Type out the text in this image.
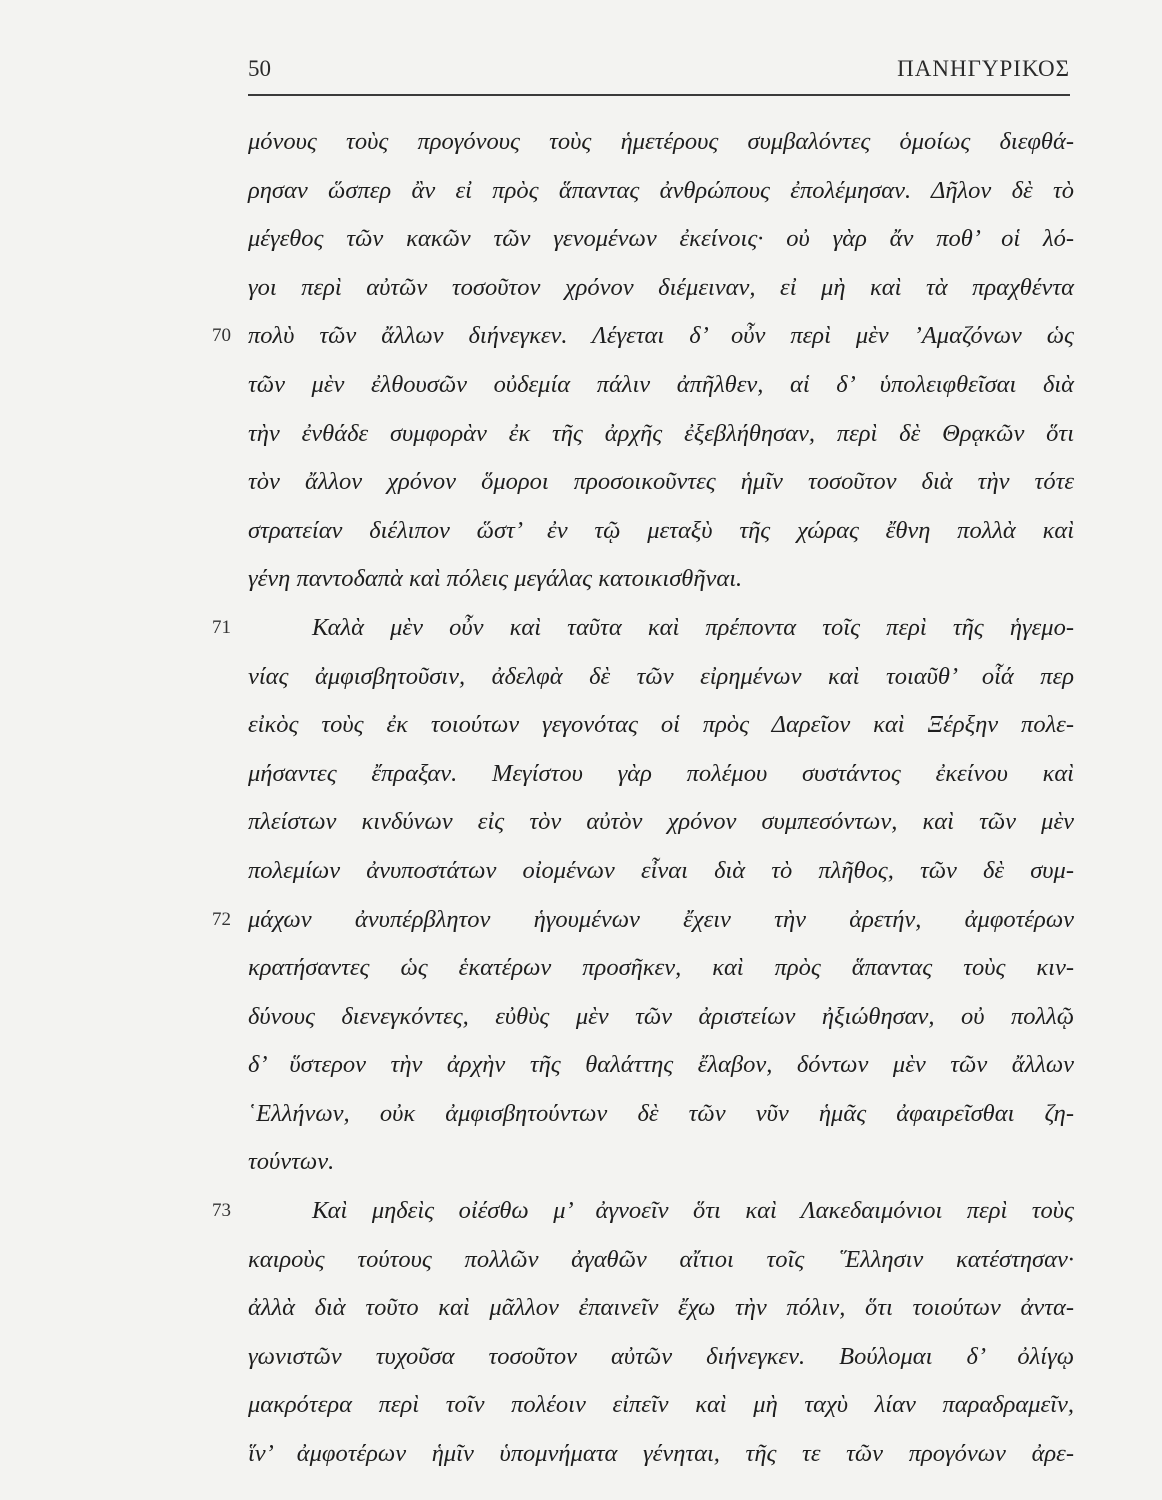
50	ΠΑΝΗΓΥΡΙΚΟΣ
μόνους τοὺς προγόνους τοὺς ἡμετέρους συμβαλόντες ὁμοίως διεφθά-
ρησαν ὥσπερ ἂν εἰ πρὸς ἅπαντας ἀνθρώπους ἐπολέμησαν. Δῆλον δὲ τὸ
μέγεθος τῶν κακῶν τῶν γενομένων ἐκείνοις· οὐ γὰρ ἄν ποθ’ οἱ λό-
γοι περὶ αὐτῶν τοσοῦτον χρόνον διέμειναν, εἰ μὴ καὶ τὰ πραχθέντα
70 πολὺ τῶν ἄλλων διήνεγκεν. Λέγεται δ’ οὖν περὶ μὲν ’Αμαζόνων ὡς
τῶν μὲν ἐλθουσῶν οὐδεμία πάλιν ἀπῆλθεν, αἱ δ’ ὑπολειφθεῖσαι διὰ
τὴν ἐνθάδε συμφορὰν ἐκ τῆς ἀρχῆς ἐξεβλήθησαν, περὶ δὲ Θρᾳκῶν ὅτι
τὸν ἄλλον χρόνον ὅμοροι προσοικοῦντες ἡμῖν τοσοῦτον διὰ τὴν τότε
στρατείαν διέλιπον ὥστ’ ἐν τῷ μεταξὺ τῆς χώρας ἔθνη πολλὰ καὶ
γένη παντοδαπὰ καὶ πόλεις μεγάλας κατοικισθῆναι.
71	Καλὰ μὲν οὖν καὶ ταῦτα καὶ πρέποντα τοῖς περὶ τῆς ἡγεμο-
νίας ἀμφισβητοῦσιν, ἀδελφὰ δὲ τῶν εἰρημένων καὶ τοιαῦθ’ οἷά περ
εἰκὸς τοὺς ἐκ τοιούτων γεγονότας οἱ πρὸς Δαρεῖον καὶ Ξέρξην πολε-
μήσαντες ἔπραξαν. Μεγίστου γὰρ πολέμου συστάντος ἐκείνου καὶ
πλείστων κινδύνων εἰς τὸν αὐτὸν χρόνον συμπεσόντων, καὶ τῶν μὲν
πολεμίων ἀνυποστάτων οἰομένων εἶναι διὰ τὸ πλῆθος, τῶν δὲ συμ-
72 μάχων ἀνυπέρβλητον ἡγουμένων ἔχειν τὴν ἀρετήν, ἀμφοτέρων
κρατήσαντες ὡς ἑκατέρων προσῆκεν, καὶ πρὸς ἅπαντας τοὺς κιν-
δύνους διενεγκόντες, εὐθὺς μὲν τῶν ἀριστείων ἠξιώθησαν, οὐ πολλῷ
δ’ ὕστερον τὴν ἀρχὴν τῆς θαλάττης ἔλαβον, δόντων μὲν τῶν ἄλλων
῾Ελλήνων, οὐκ ἀμφισβητούντων δὲ τῶν νῦν ἡμᾶς ἀφαιρεῖσθαι ζη-
τούντων.
73	Καὶ μηδεὶς οἰέσθω μ’ ἀγνοεῖν ὅτι καὶ Λακεδαιμόνιοι περὶ τοὺς
καιροὺς τούτους πολλῶν ἀγαθῶν αἴτιοι τοῖς ῞Ελλησιν κατέστησαν·
ἀλλὰ διὰ τοῦτο καὶ μᾶλλον ἐπαινεῖν ἔχω τὴν πόλιν, ὅτι τοιούτων ἀντα-
γωνιστῶν τυχοῦσα τοσοῦτον αὐτῶν διήνεγκεν. Βούλομαι δ’ ὀλίγῳ
μακρότερα περὶ τοῖν πολέοιν εἰπεῖν καὶ μὴ ταχὺ λίαν παραδραμεῖν,
ἵν’ ἀμφοτέρων ἡμῖν ὑπομνήματα γένηται, τῆς τε τῶν προγόνων ἀρε-
